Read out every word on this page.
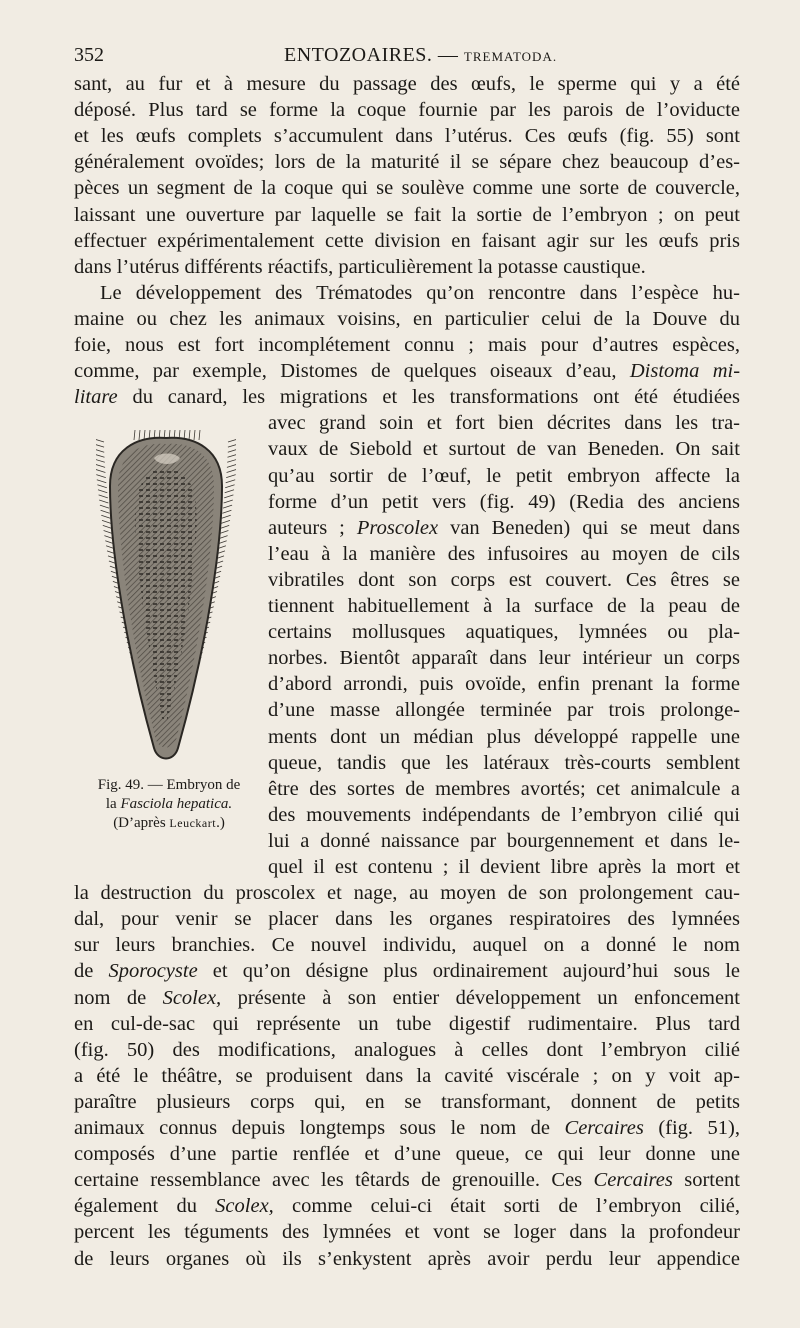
352	ENTOZOAIRES. — TREMATODA.

sant, au fur et à mesure du passage des œufs, le sperme qui y a été

déposé. Plus tard se forme la coque fournie par les parois de l’oviducte

et les œufs complets s’accumulent dans l’utérus. Ces œufs (fig. 55) sont

généralement ovoïdes; lors de la maturité il se sépare chez beaucoup d’es-

pèces un segment de la coque qui se soulève comme une sorte de couvercle,

laissant une ouverture par laquelle se fait la sortie de l’embryon ; on peut

effectuer expérimentalement cette division en faisant agir sur les œufs pris

dans l’utérus différents réactifs, particulièrement la potasse caustique.

Le développement des Trématodes qu’on rencontre dans l’espèce hu-

maine ou chez les animaux voisins, en particulier celui de la Douve du

foie, nous est fort incomplétement connu ; mais pour d’autres espèces,

comme, par exemple, Distomes de quelques oiseaux d’eau, Distoma mi-

litare du canard, les migrations et les transformations ont été étudiées

avec grand soin et fort bien décrites dans les tra-

vaux de Siebold et surtout de van Beneden. On sait

qu’au sortir de l’œuf, le petit embryon affecte la

forme d’un petit vers (fig. 49) (Redia des anciens

auteurs ; Proscolex van Beneden) qui se meut dans

l’eau à la manière des infusoires au moyen de cils

vibratiles dont son corps est couvert. Ces êtres se

tiennent habituellement à la surface de la peau de

certains mollusques aquatiques, lymnées ou pla-

norbes. Bientôt apparaît dans leur intérieur un corps

d’abord arrondi, puis ovoïde, enfin prenant la forme

d’une masse allongée terminée par trois prolonge-

ments dont un médian plus développé rappelle une

queue, tandis que les latéraux très-courts semblent

être des sortes de membres avortés; cet animalcule a

des mouvements indépendants de l’embryon cilié qui

lui a donné naissance par bourgennement et dans le-

quel il est contenu ; il devient libre après la mort et

la destruction du proscolex et nage, au moyen de son prolongement cau-

dal, pour venir se placer dans les organes respiratoires des lymnées

sur leurs branchies. Ce nouvel individu, auquel on a donné le nom

de Sporocyste et qu’on désigne plus ordinairement aujourd’hui sous le

nom de Scolex, présente à son entier développement un enfoncement

en cul-de-sac qui représente un tube digestif rudimentaire. Plus tard

(fig. 50) des modifications, analogues à celles dont l’embryon cilié

a été le théâtre, se produisent dans la cavité viscérale ; on y voit ap-

paraître plusieurs corps qui, en se transformant, donnent de petits

animaux connus depuis longtemps sous le nom de Cercaires (fig. 51),

composés d’une partie renflée et d’une queue, ce qui leur donne une

certaine ressemblance avec les têtards de grenouille. Ces Cercaires sortent

également du Scolex, comme celui-ci était sorti de l’embryon cilié,

percent les téguments des lymnées et vont se loger dans la profondeur

de leurs organes où ils s’enkystent après avoir perdu leur appendice

Fig. 49. — Embryon de

la Fasciola hepatica.

(D’après Leuckart.)
